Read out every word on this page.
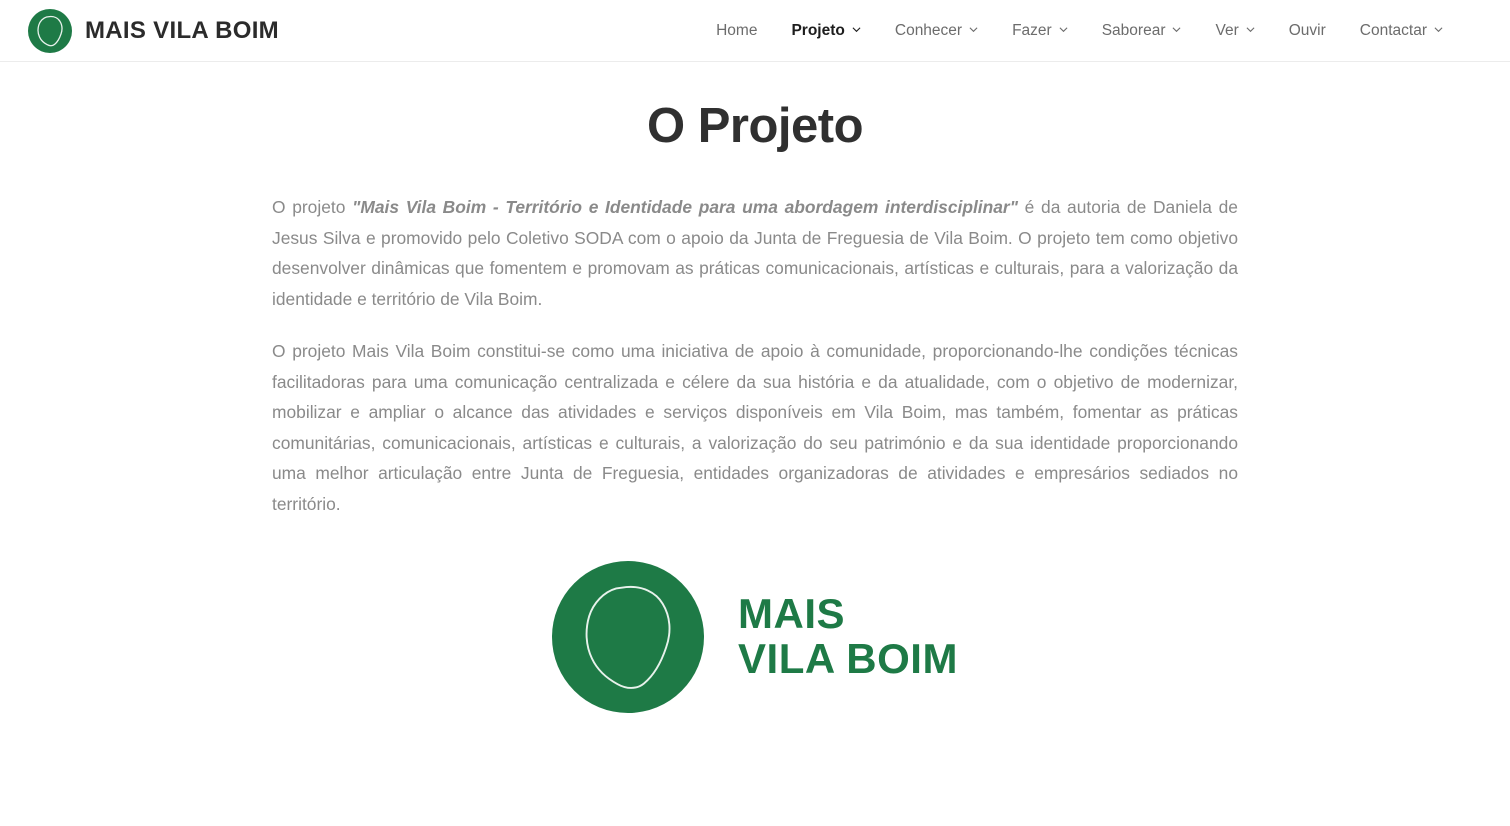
MAIS VILA BOIM	Home Projeto	Conhecer	Fazer	Saborear	Ver	Ouvir Contactar
O Projeto

O projeto "Mais Vila Boim - Território e Identidade para uma abordagem interdisciplinar" é da autoria de Daniela de Jesus Silva e promovido pelo Coletivo SODA com o apoio da Junta de Freguesia de Vila Boim. O projeto tem como objetivo desenvolver dinâmicas que fomentem e promovam as práticas comunicacionais, artísticas e culturais, para a valorização da identidade e território de Vila Boim.

O projeto Mais Vila Boim constitui-se como uma iniciativa de apoio à comunidade, proporcionando-lhe condições técnicas facilitadoras para uma comunicação centralizada e célere da sua história e da atualidade, com o objetivo de modernizar, mobilizar e ampliar o alcance das atividades e serviços disponíveis em Vila Boim, mas também, fomentar as práticas comunitárias, comunicacionais, artísticas e culturais, a valorização do seu património e da sua identidade proporcionando uma melhor articulação entre Junta de Freguesia, entidades organizadoras de atividades e empresários sediados no território.

MAIS
VILA BOIM
